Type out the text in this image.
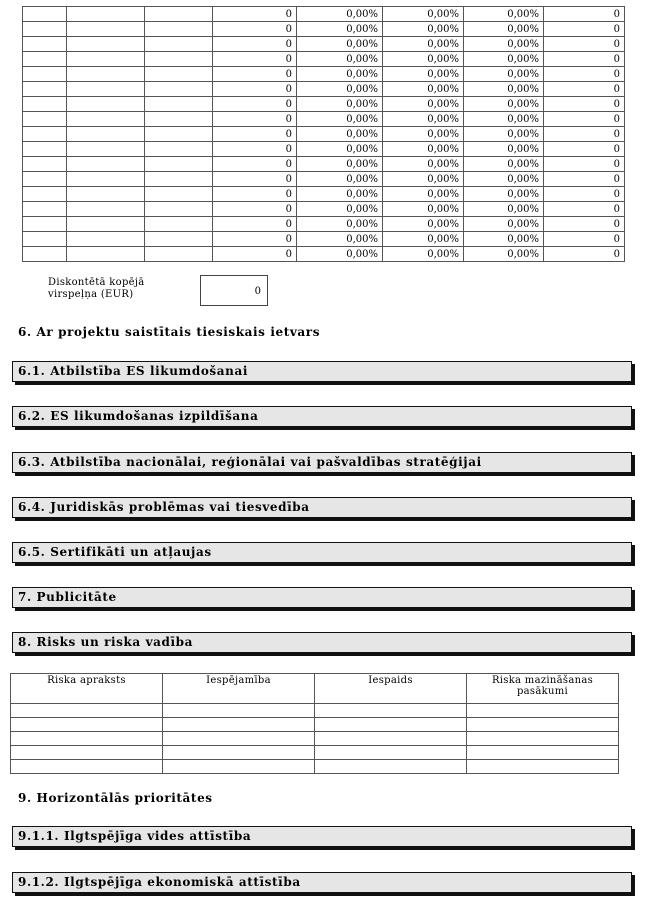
			0	0,00%	0,00%	0,00%	0
			0	0,00%	0,00%	0,00%	0
			0	0,00%	0,00%	0,00%	0
			0	0,00%	0,00%	0,00%	0
			0	0,00%	0,00%	0,00%	0
			0	0,00%	0,00%	0,00%	0
			0	0,00%	0,00%	0,00%	0
			0	0,00%	0,00%	0,00%	0
			0	0,00%	0,00%	0,00%	0
			0	0,00%	0,00%	0,00%	0
			0	0,00%	0,00%	0,00%	0
			0	0,00%	0,00%	0,00%	0
			0	0,00%	0,00%	0,00%	0
			0	0,00%	0,00%	0,00%	0
			0	0,00%	0,00%	0,00%	0
			0	0,00%	0,00%	0,00%	0
			0	0,00%	0,00%	0,00%	0
Diskontētā kopējā
virspeļņa (EUR)	0
6. Ar projektu saistītais tiesiskais ietvars
6.1. Atbilstība ES likumdošanai
6.2. ES likumdošanas izpildīšana
6.3. Atbilstība nacionālai, reģionālai vai pašvaldības stratēģijai
6.4. Juridiskās problēmas vai tiesvedība
6.5. Sertifikāti un atļaujas
7. Publicitāte
8. Risks un riska vadība
Riska apraksts	Iespējamība	Iespaids	Riska mazināšanas pasākumi

9. Horizontālās prioritātes
9.1.1. Ilgtspējīga vides attīstība
9.1.2. Ilgtspējīga ekonomiskā attīstība
